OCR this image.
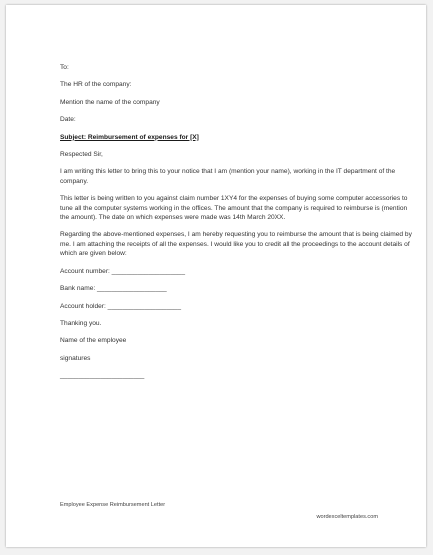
To:

The HR of the company:

Mention the name of the company

Date:

Subject: Reimbursement of expenses for [X]

Respected Sir,

I am writing this letter to bring this to your notice that I am (mention your name), working in the IT department of the company.

This letter is being written to you against claim number 1XY4 for the expenses of buying some computer accessories to tune all the computer systems working in the offices. The amount that the company is required to reimburse is (mention the amount). The date on which expenses were made was 14th March 20XX.

Regarding the above-mentioned expenses, I am hereby requesting you to reimburse the amount that is being claimed by me. I am attaching the receipts of all the expenses. I would like you to credit all the proceedings to the account details of which are given below:

Account number: ____________________

Bank name: ___________________

Account holder: ____________________

Thanking you.

Name of the employee

signatures

_______________________

Employee Expense Reimbursement Letter
wordexceltemplates.com
